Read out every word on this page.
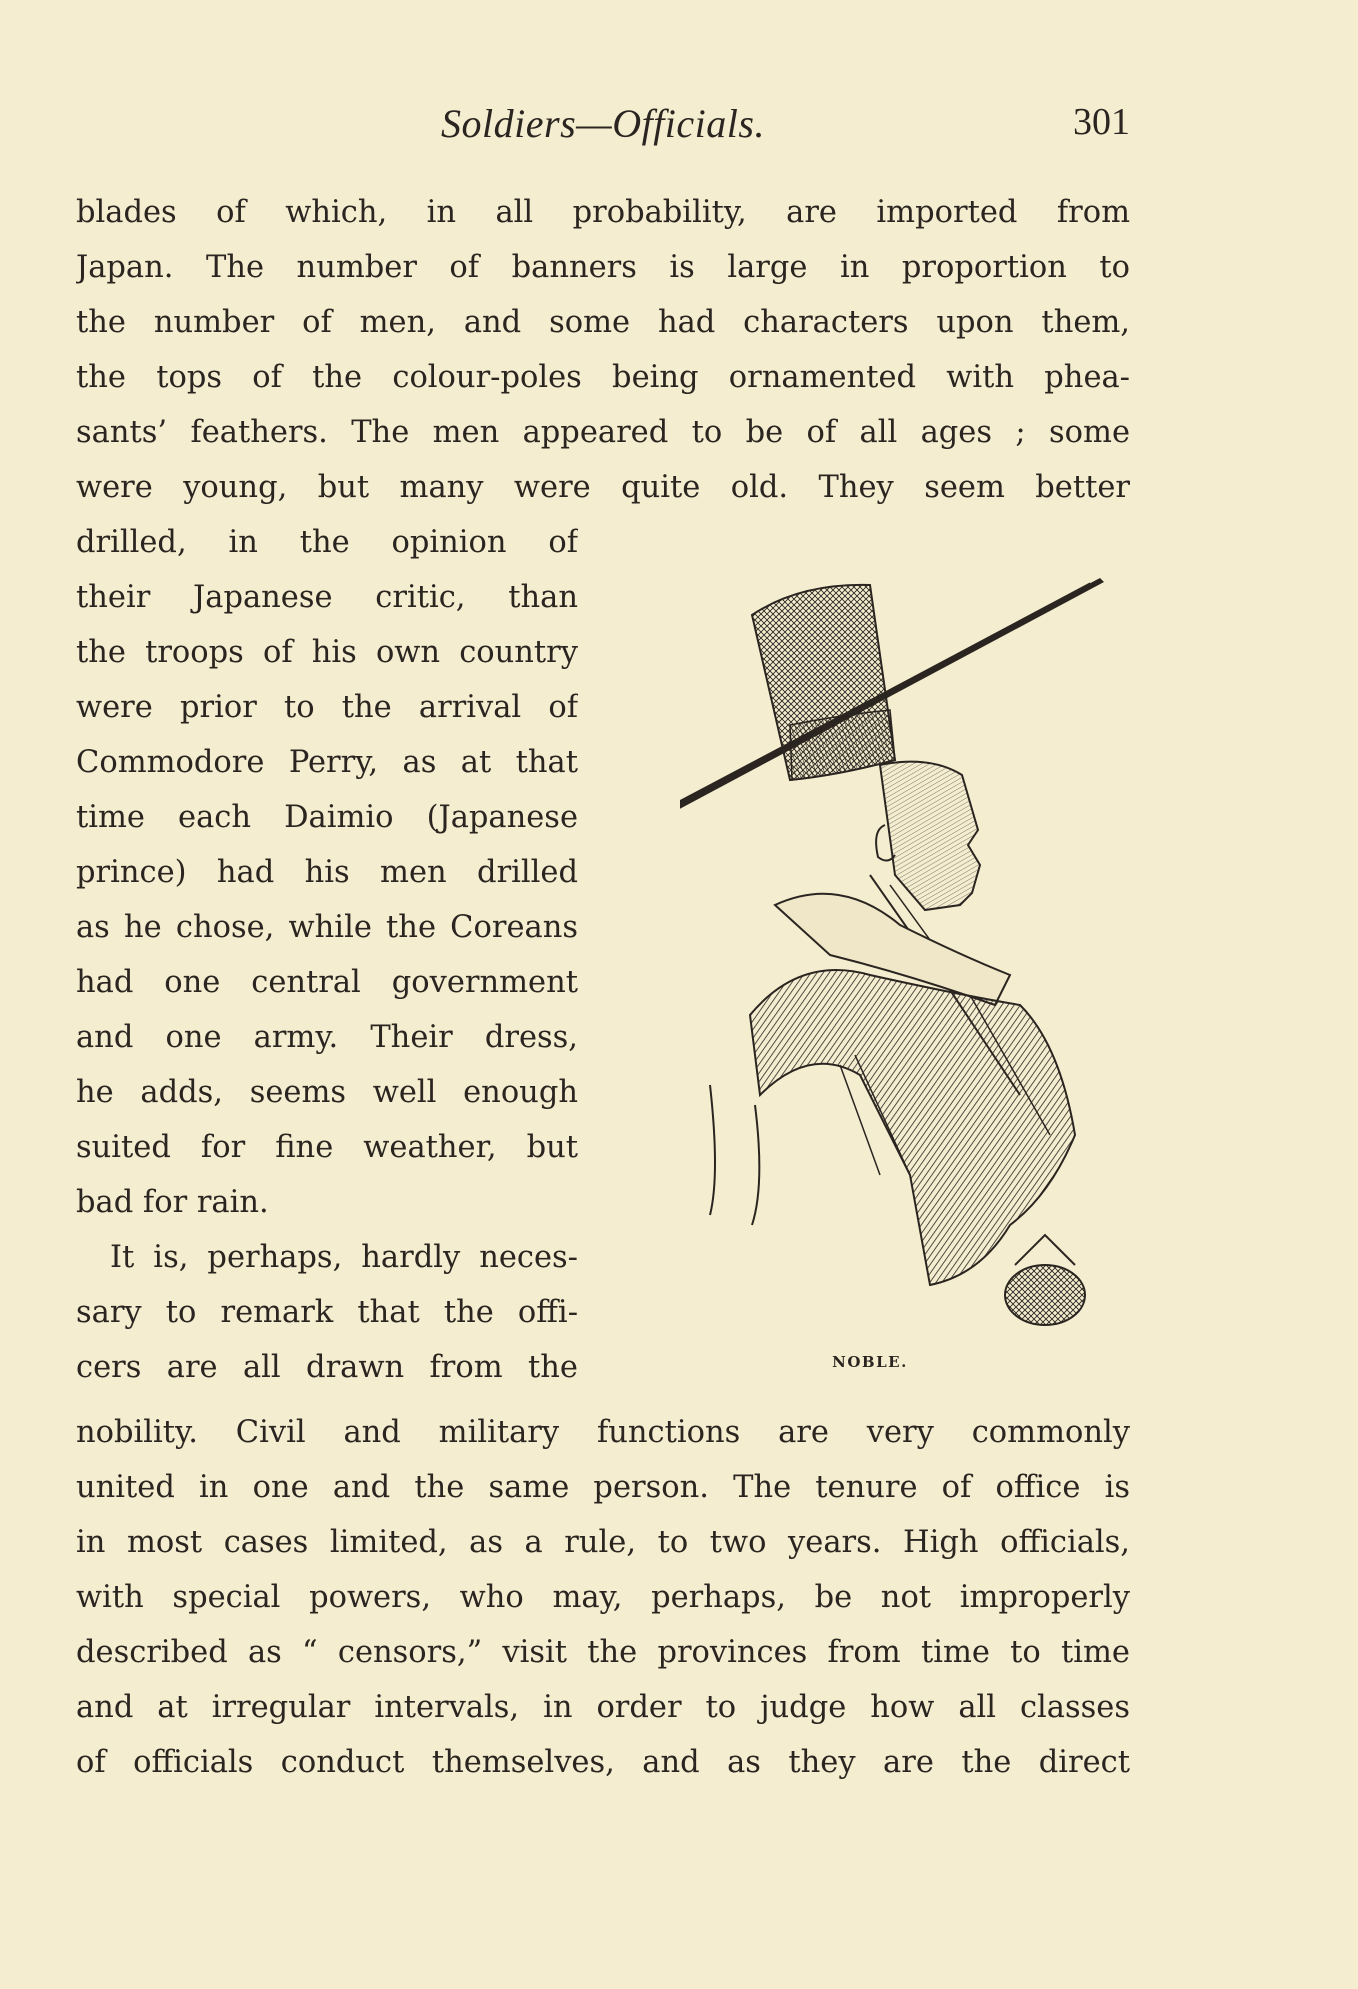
Soldiers—Officials.	301
blades of which, in all probability, are imported from
Japan. The number of banners is large in proportion to
the number of men, and some had characters upon them,
the tops of the colour-poles being ornamented with phea-
sants’ feathers. The men appeared to be of all ages ; some
were young, but many were quite old. They seem better
drilled, in the opinion of
their Japanese critic, than
the troops of his own country
were prior to the arrival of
Commodore Perry, as at that
time each Daimio (Japanese
prince) had his men drilled
as he chose, while the Coreans
had one central government
and one army. Their dress,
he adds, seems well enough
suited for fine weather, but
bad for rain.
It is, perhaps, hardly neces-
sary to remark that the offi-
cers are all drawn from the
nobility. Civil and military functions are very commonly
united in one and the same person. The tenure of office is
in most cases limited, as a rule, to two years. High officials,
with special powers, who may, perhaps, be not improperly
described as “ censors,” visit the provinces from time to time
and at irregular intervals, in order to judge how all classes
of officials conduct themselves, and as they are the direct
NOBLE.
